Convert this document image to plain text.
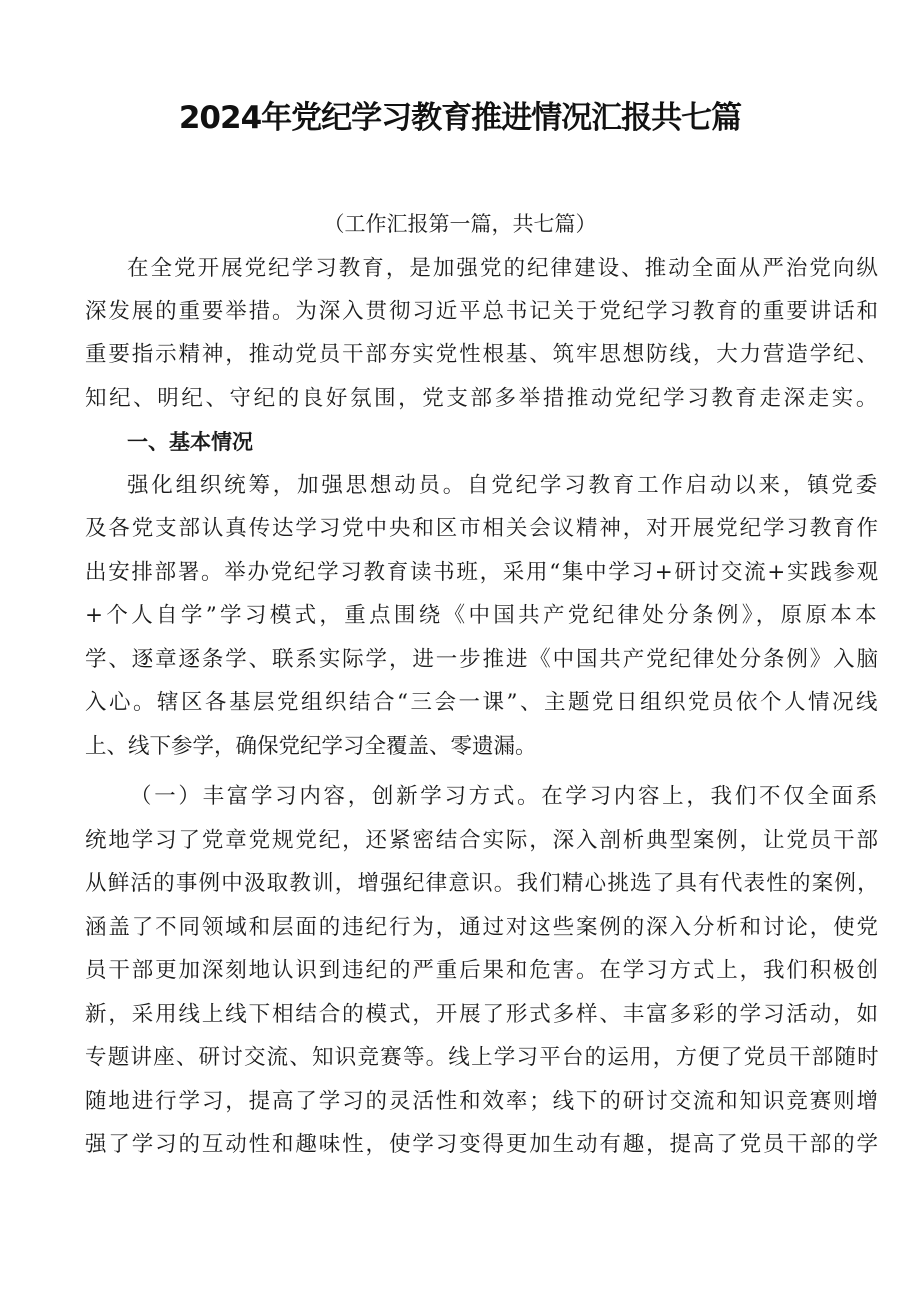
2024年党纪学习教育推进情况汇报共七篇
（工作汇报第一篇，共七篇）
在全党开展党纪学习教育，是加强党的纪律建设、推动全面从严治党向纵
深发展的重要举措。为深入贯彻习近平总书记关于党纪学习教育的重要讲话和
重要指示精神，推动党员干部夯实党性根基、筑牢思想防线，大力营造学纪、
知纪、明纪、守纪的良好氛围，党支部多举措推动党纪学习教育走深走实。
一、基本情况
强化组织统筹，加强思想动员。自党纪学习教育工作启动以来，镇党委
及各党支部认真传达学习党中央和区市相关会议精神，对开展党纪学习教育作
出安排部署。举办党纪学习教育读书班，采用“集中学习+研讨交流+实践参观
+个人自学”学习模式，重点围绕《中国共产党纪律处分条例》，原原本本
学、逐章逐条学、联系实际学，进一步推进《中国共产党纪律处分条例》入脑
入心。辖区各基层党组织结合“三会一课”、主题党日组织党员依个人情况线
上、线下参学，确保党纪学习全覆盖、零遗漏。
（一）丰富学习内容，创新学习方式。在学习内容上，我们不仅全面系
统地学习了党章党规党纪，还紧密结合实际，深入剖析典型案例，让党员干部
从鲜活的事例中汲取教训，增强纪律意识。我们精心挑选了具有代表性的案例，
涵盖了不同领域和层面的违纪行为，通过对这些案例的深入分析和讨论，使党
员干部更加深刻地认识到违纪的严重后果和危害。在学习方式上，我们积极创
新，采用线上线下相结合的模式，开展了形式多样、丰富多彩的学习活动，如
专题讲座、研讨交流、知识竞赛等。线上学习平台的运用，方便了党员干部随时
随地进行学习，提高了学习的灵活性和效率；线下的研讨交流和知识竞赛则增
强了学习的互动性和趣味性，使学习变得更加生动有趣，提高了党员干部的学
